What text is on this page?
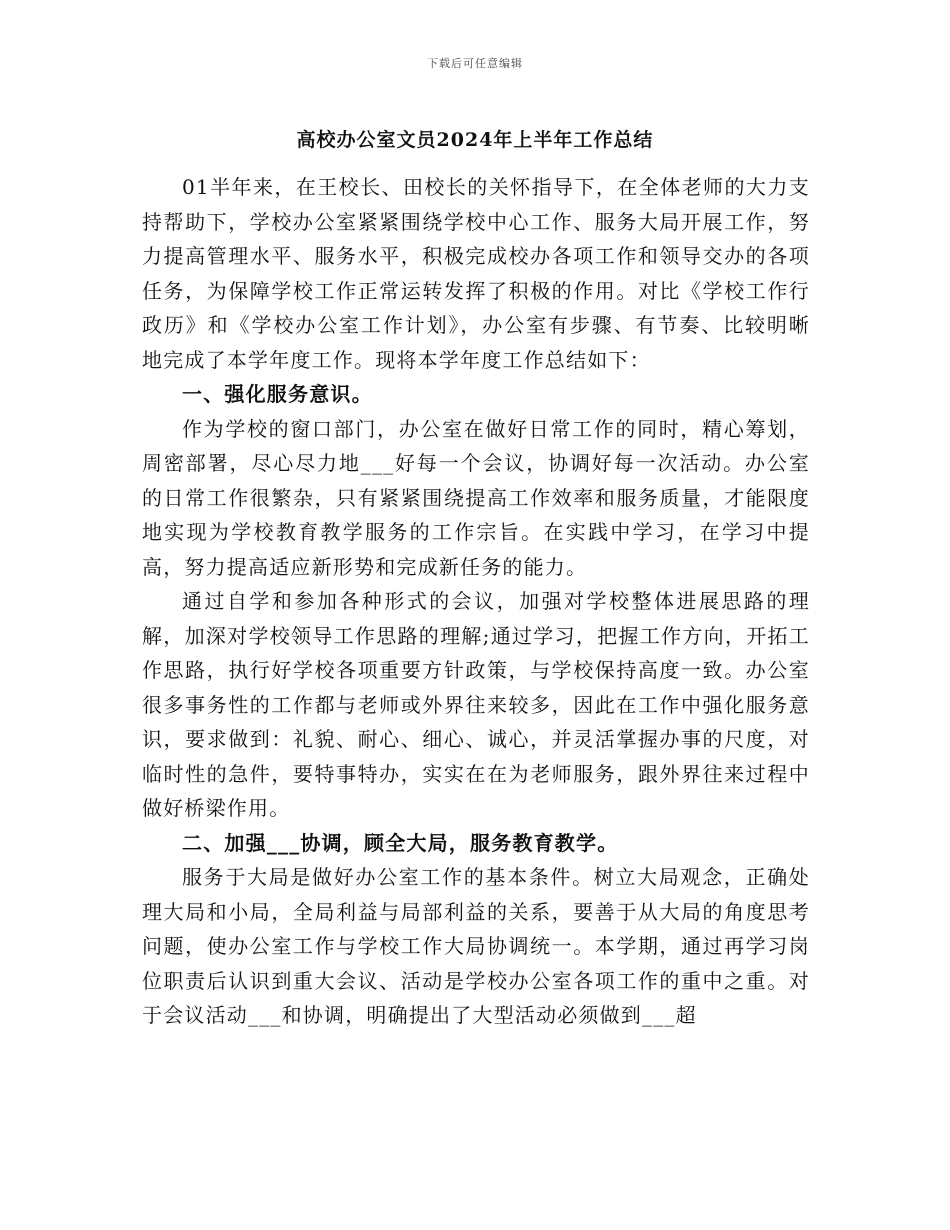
下载后可任意编辑
高校办公室文员2024年上半年工作总结

01半年来，在王校长、田校长的关怀指导下，在全体老师的大力支持帮助下，学校办公室紧紧围绕学校中心工作、服务大局开展工作，努力提高管理水平、服务水平，积极完成校办各项工作和领导交办的各项任务，为保障学校工作正常运转发挥了积极的作用。对比《学校工作行政历》和《学校办公室工作计划》，办公室有步骤、有节奏、比较明晰地完成了本学年度工作。现将本学年度工作总结如下：

一、强化服务意识。

作为学校的窗口部门，办公室在做好日常工作的同时，精心筹划，周密部署，尽心尽力地___好每一个会议，协调好每一次活动。办公室的日常工作很繁杂，只有紧紧围绕提高工作效率和服务质量，才能限度地实现为学校教育教学服务的工作宗旨。在实践中学习，在学习中提高，努力提高适应新形势和完成新任务的能力。

通过自学和参加各种形式的会议，加强对学校整体进展思路的理解，加深对学校领导工作思路的理解;通过学习，把握工作方向，开拓工作思路，执行好学校各项重要方针政策，与学校保持高度一致。办公室很多事务性的工作都与老师或外界往来较多，因此在工作中强化服务意识，要求做到：礼貌、耐心、细心、诚心，并灵活掌握办事的尺度，对临时性的急件，要特事特办，实实在在为老师服务，跟外界往来过程中做好桥梁作用。

二、加强___协调，顾全大局，服务教育教学。

服务于大局是做好办公室工作的基本条件。树立大局观念，正确处理大局和小局，全局利益与局部利益的关系，要善于从大局的角度思考问题，使办公室工作与学校工作大局协调统一。本学期，通过再学习岗位职责后认识到重大会议、活动是学校办公室各项工作的重中之重。对于会议活动___和协调，明确提出了大型活动必须做到___超
